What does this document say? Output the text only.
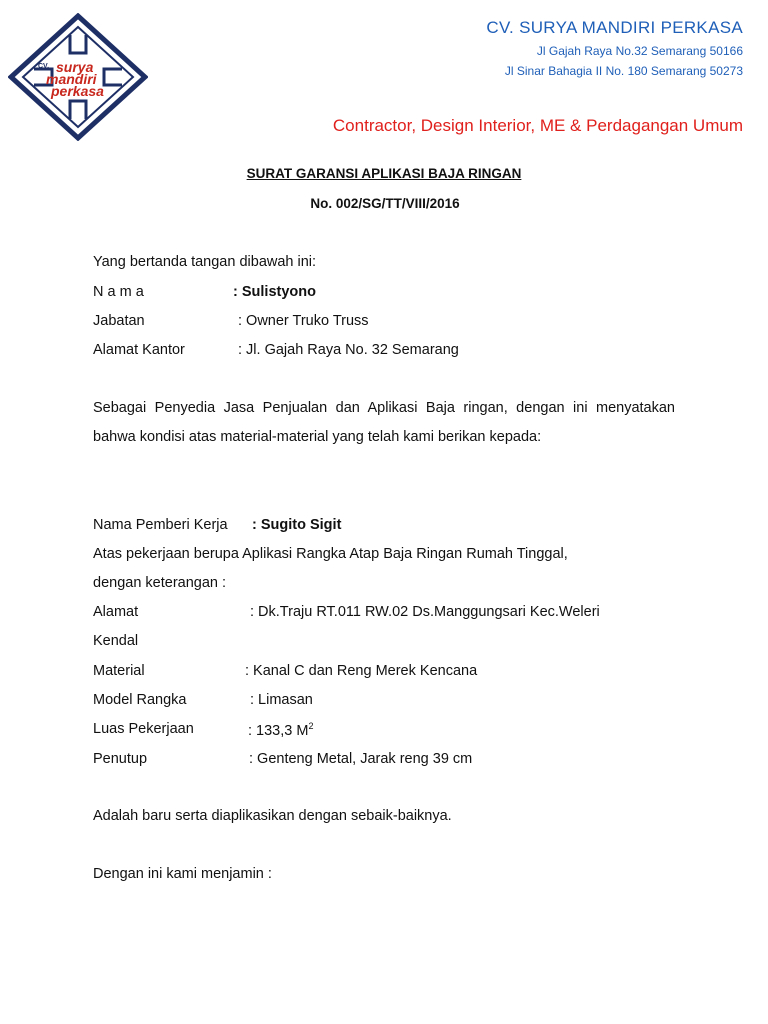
CV. surya
mandiri
perkasa
CV. SURYA MANDIRI PERKASA
Jl Gajah Raya No.32 Semarang 50166
Jl Sinar Bahagia II No. 180 Semarang 50273
Contractor, Design Interior, ME & Perdagangan Umum
SURAT GARANSI APLIKASI BAJA RINGAN
No. 002/SG/TT/VIII/2016
Yang bertanda tangan dibawah ini:
N a m a	: Sulistyono
Jabatan	: Owner Truko Truss
Alamat Kantor	: Jl. Gajah Raya No. 32 Semarang
Sebagai Penyedia Jasa Penjualan dan Aplikasi Baja ringan, dengan ini menyatakan bahwa kondisi atas material-material yang telah kami berikan kepada:
Nama Pemberi Kerja : Sugito Sigit
Atas pekerjaan berupa Aplikasi Rangka Atap Baja Ringan Rumah Tinggal,
dengan keterangan :
Alamat	: Dk.Traju RT.011 RW.02 Ds.Manggungsari Kec.Weleri
Kendal
Material	: Kanal C dan Reng Merek Kencana
Model Rangka	: Limasan
Luas Pekerjaan	: 133,3 $M^2$
Penutup	: Genteng Metal, Jarak reng 39 cm
Adalah baru serta diaplikasikan dengan sebaik-baiknya.
Dengan ini kami menjamin :
